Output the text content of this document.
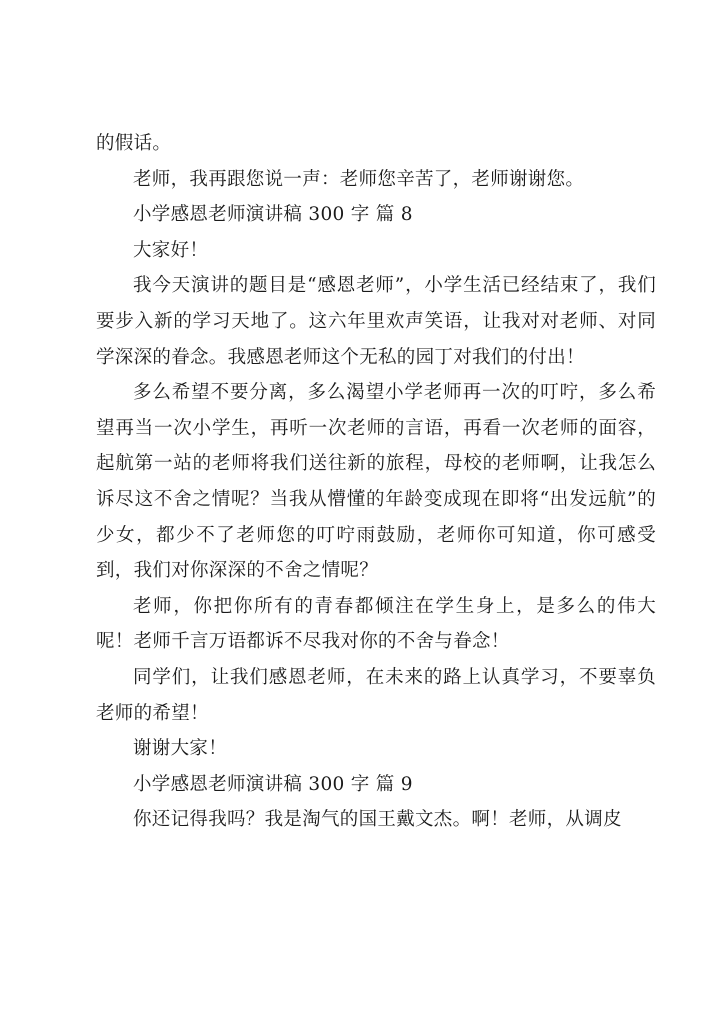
的假话。

老师，我再跟您说一声：老师您辛苦了，老师谢谢您。

小学感恩老师演讲稿 300 字 篇 8

大家好！

我今天演讲的题目是“感恩老师”，小学生活已经结束了，我们要步入新的学习天地了。这六年里欢声笑语，让我对对老师、对同学深深的眷念。我感恩老师这个无私的园丁对我们的付出！

多么希望不要分离，多么渴望小学老师再一次的叮咛，多么希望再当一次小学生，再听一次老师的言语，再看一次老师的面容，起航第一站的老师将我们送往新的旅程，母校的老师啊，让我怎么诉尽这不舍之情呢？当我从懵懂的年龄变成现在即将“出发远航”的少女，都少不了老师您的叮咛雨鼓励，老师你可知道，你可感受到，我们对你深深的不舍之情呢？

老师，你把你所有的青春都倾注在学生身上，是多么的伟大呢！老师千言万语都诉不尽我对你的不舍与眷念！

同学们，让我们感恩老师，在未来的路上认真学习，不要辜负老师的希望！

谢谢大家！

小学感恩老师演讲稿 300 字 篇 9

你还记得我吗？我是淘气的国王戴文杰。啊！老师，从调皮
